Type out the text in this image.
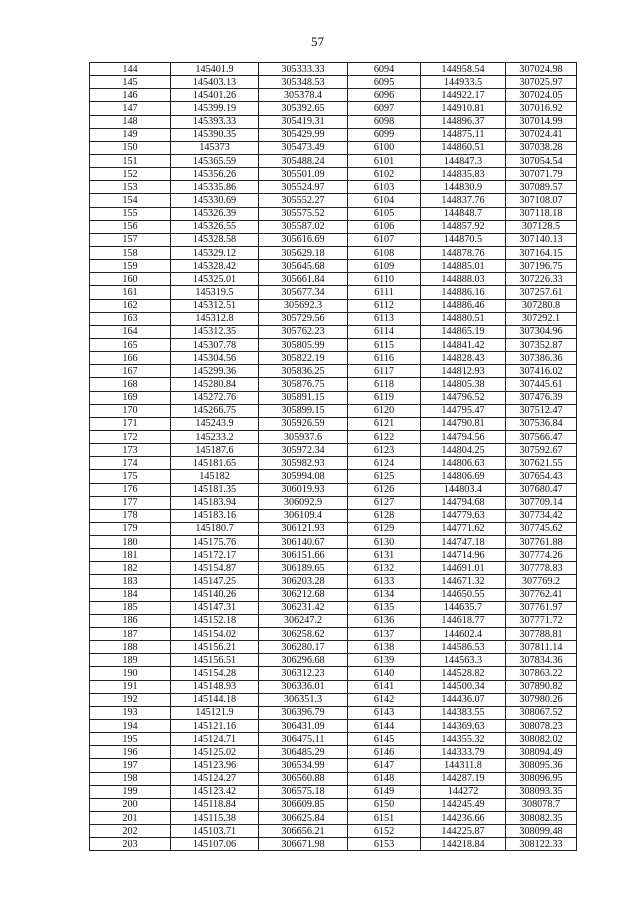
57
144	145401.9	305333.33	6094	144958.54	307024.98
145	145403.13	305348.53	6095	144933.5	307025.97
146	145401.26	305378.4	6096	144922.17	307024.05
147	145399.19	305392.65	6097	144910.81	307016.92
148	145393.33	305419.31	6098	144896.37	307014.99
149	145390.35	305429.99	6099	144875.11	307024.41
150	145373	305473.49	6100	144860.51	307038.28
151	145365.59	305488.24	6101	144847.3	307054.54
152	145356.26	305501.09	6102	144835.83	307071.79
153	145335.86	305524.97	6103	144830.9	307089.57
154	145330.69	305552.27	6104	144837.76	307108.07
155	145326.39	305575.52	6105	144848.7	307118.18
156	145326.55	305587.02	6106	144857.92	307128.5
157	145328.58	305616.69	6107	144870.5	307140.13
158	145329.12	305629.18	6108	144878.76	307164.15
159	145328.42	305645.68	6109	144885.01	307196.75
160	145325.01	305661.84	6110	144888.03	307226.33
161	145319.5	305677.34	6111	144886.16	307257.61
162	145312.51	305692.3	6112	144886.46	307280.8
163	145312.8	305729.56	6113	144880.51	307292.1
164	145312.35	305762.23	6114	144865.19	307304.96
165	145307.78	305805.99	6115	144841.42	307352.87
166	145304.56	305822.19	6116	144828.43	307386.36
167	145299.36	305836.25	6117	144812.93	307416.02
168	145280.84	305876.75	6118	144805.38	307445.61
169	145272.76	305891.15	6119	144796.52	307476.39
170	145266.75	305899.15	6120	144795.47	307512.47
171	145243.9	305926.59	6121	144790.81	307536.84
172	145233.2	305937.6	6122	144794.56	307566.47
173	145187.6	305972.34	6123	144804.25	307592.67
174	145181.65	305982.93	6124	144806.63	307621.55
175	145182	305994.08	6125	144806.69	307654.43
176	145181.35	306019.93	6126	144803.4	307680.47
177	145183.94	306092.9	6127	144794.68	307709.14
178	145183.16	306109.4	6128	144779.63	307734.42
179	145180.7	306121.93	6129	144771.62	307745.62
180	145175.76	306140.67	6130	144747.18	307761.88
181	145172.17	306151.66	6131	144714.96	307774.26
182	145154.87	306189.65	6132	144691.01	307778.83
183	145147.25	306203.28	6133	144671.32	307769.2
184	145140.26	306212.68	6134	144650.55	307762.41
185	145147.31	306231.42	6135	144635.7	307761.97
186	145152.18	306247.2	6136	144618.77	307771.72
187	145154.02	306258.62	6137	144602.4	307788.81
188	145156.21	306280.17	6138	144586.53	307811.14
189	145156.51	306296.68	6139	144563.3	307834.36
190	145154.28	306312.23	6140	144528.82	307863.22
191	145148.93	306336.01	6141	144500.34	307890.82
192	145144.18	306351.3	6142	144436.07	307980.26
193	145121.9	306396.79	6143	144383.55	308067.52
194	145121.16	306431.09	6144	144369.63	308078.23
195	145124.71	306475.11	6145	144355.32	308082.02
196	145125.02	306485.29	6146	144333.79	308094.49
197	145123.96	306534.99	6147	144311.8	308095.36
198	145124.27	306560.88	6148	144287.19	308096.95
199	145123.42	306575.18	6149	144272	308093.35
200	145118.84	306609.85	6150	144245.49	308078.7
201	145115.38	306625.84	6151	144236.66	308082.35
202	145103.71	306656.21	6152	144225.87	308099.48
203	145107.06	306671.98	6153	144218.84	308122.33
